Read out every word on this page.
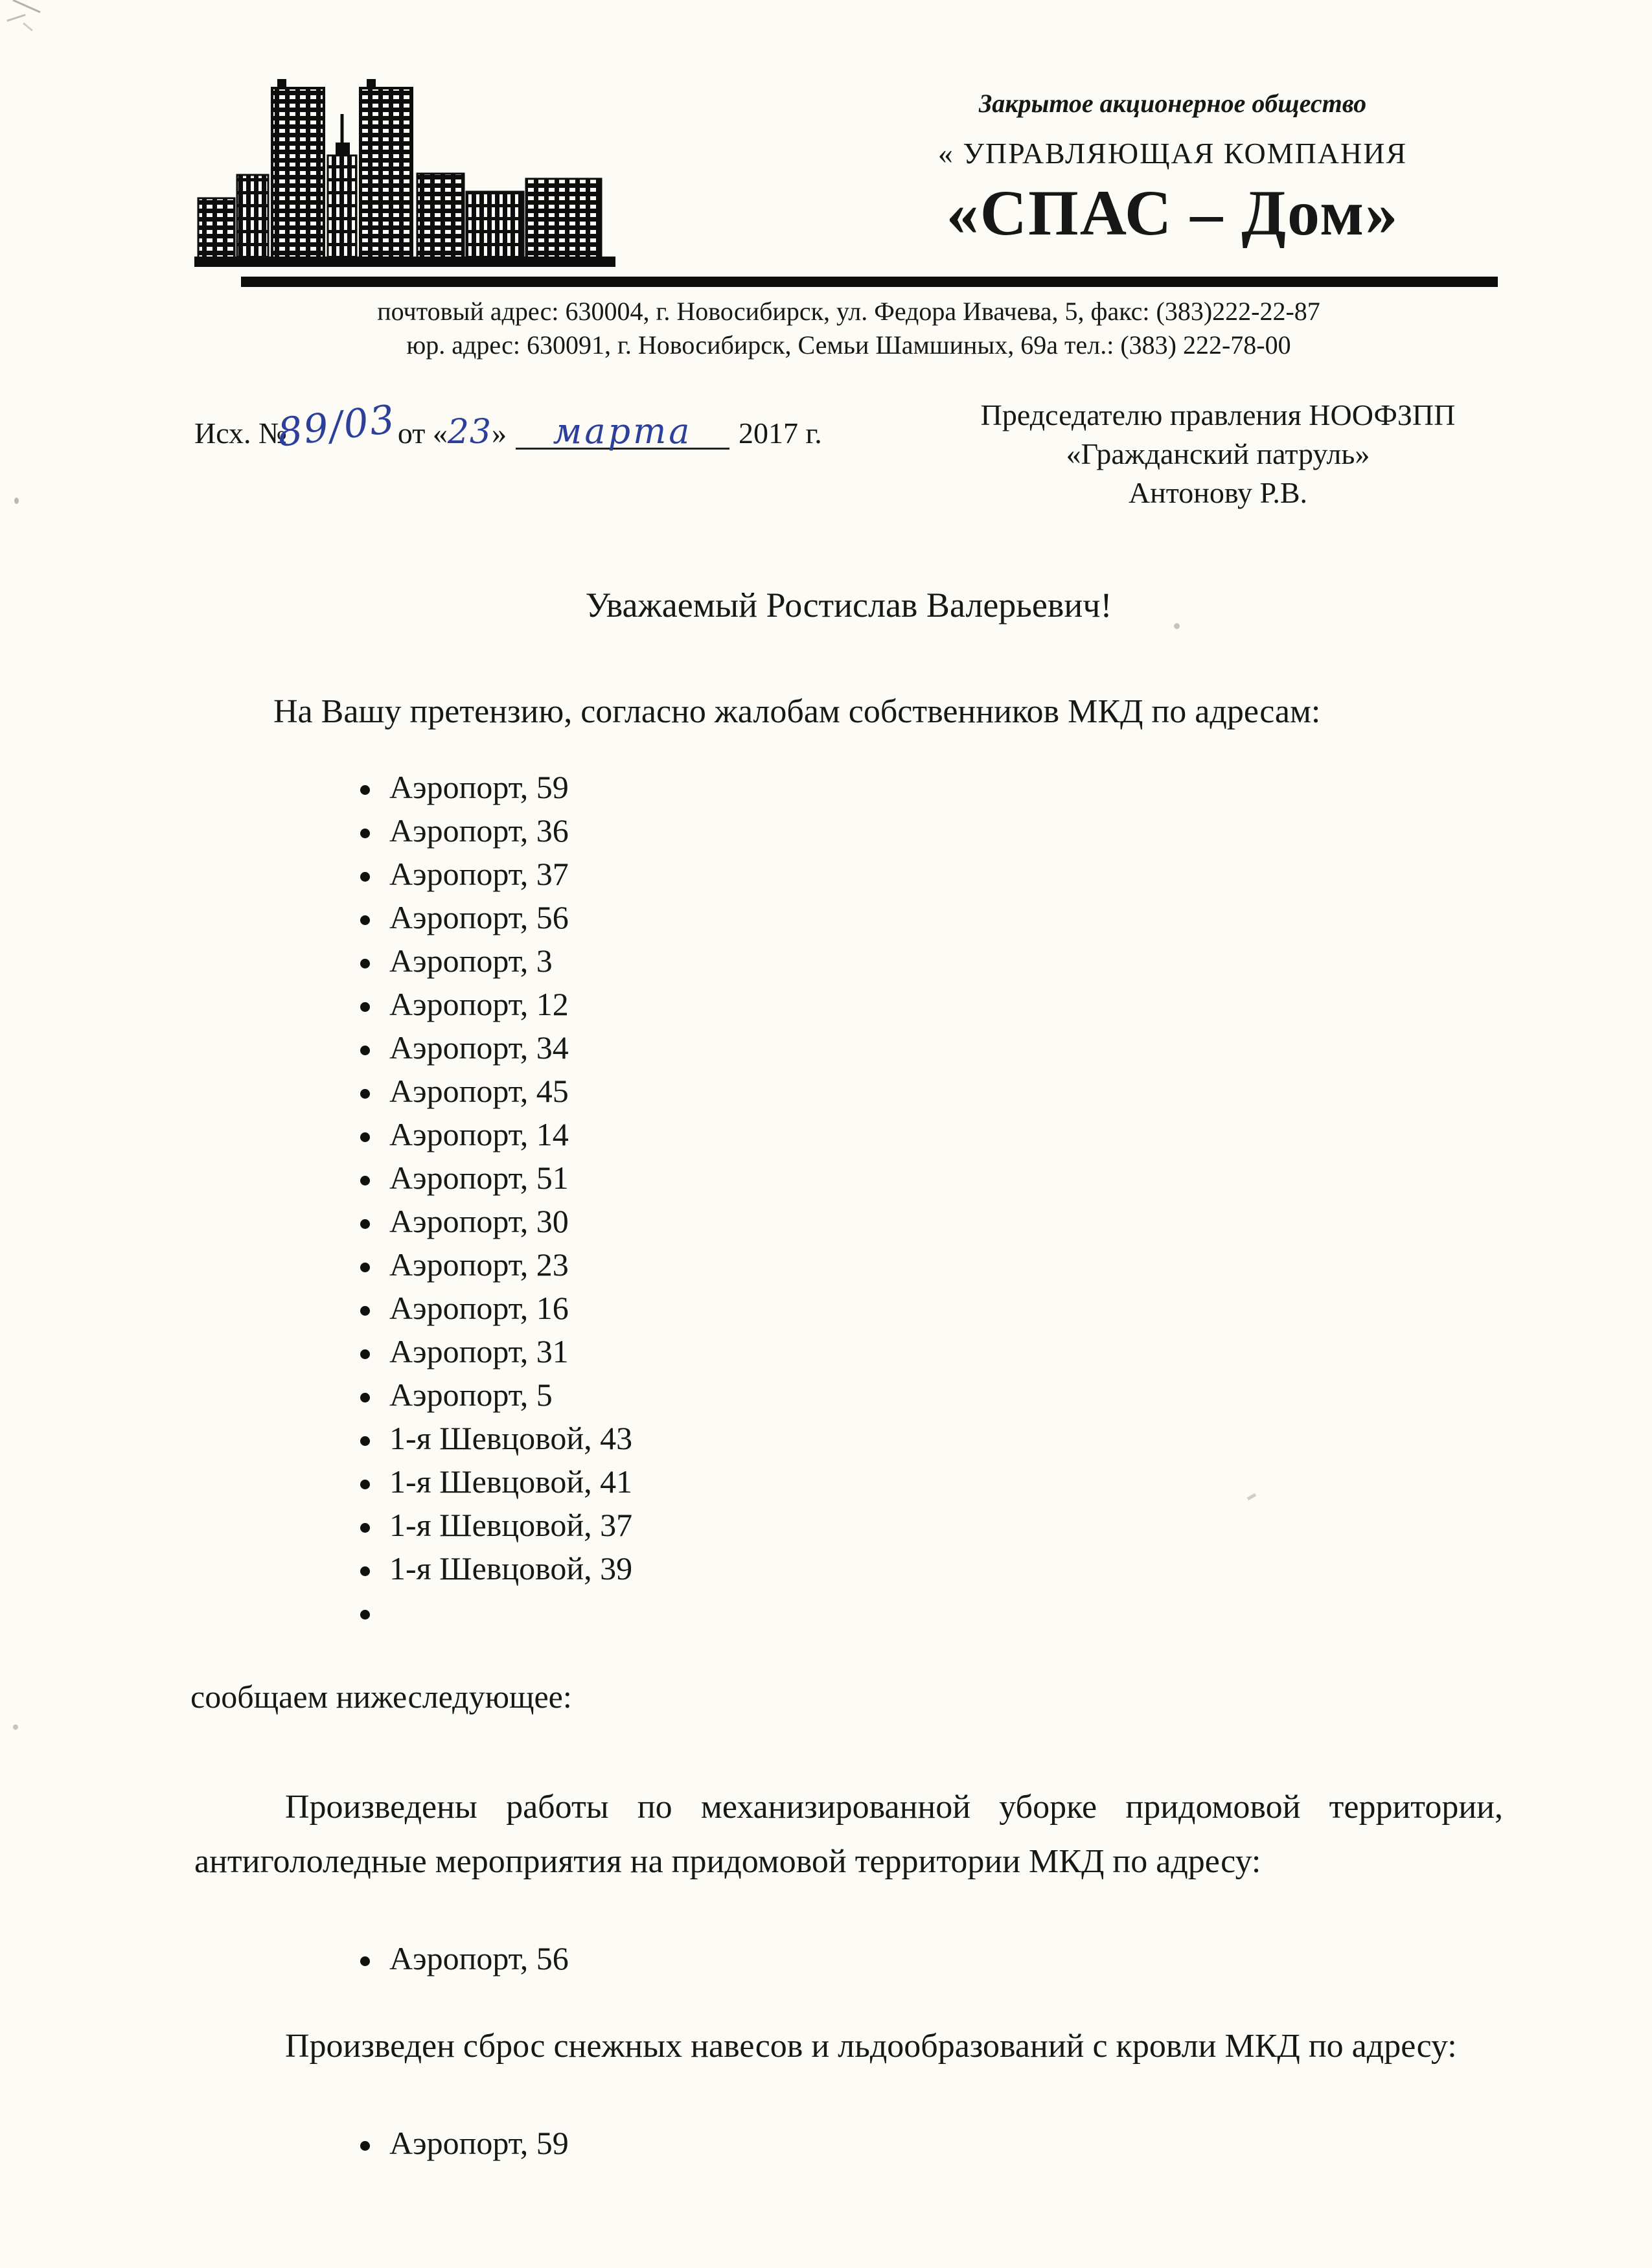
Закрытое акционерное общество
« УПРАВЛЯЮЩАЯ КОМПАНИЯ
«СПАС – Дом»
почтовый адрес: 630004, г. Новосибирск, ул. Федора Ивачева, 5, факс: (383)222-22-87
юр. адрес: 630091, г. Новосибирск, Семьи Шамшиных, 69а тел.: (383) 222-78-00
Исх. №89/03от «23» марта 2017 г.
Председателю правления НООФЗПП
«Гражданский патруль»
Антонову Р.В.
Уважаемый Ростислав Валерьевич!
На Вашу претензию, согласно жалобам собственников МКД по адресам:
Аэропорт, 59
Аэропорт, 36
Аэропорт, 37
Аэропорт, 56
Аэропорт, 3
Аэропорт, 12
Аэропорт, 34
Аэропорт, 45
Аэропорт, 14
Аэропорт, 51
Аэропорт, 30
Аэропорт, 23
Аэропорт, 16
Аэропорт, 31
Аэропорт, 5
1-я Шевцовой, 43
1-я Шевцовой, 41
1-я Шевцовой, 37
1-я Шевцовой, 39
сообщаем нижеследующее:
Произведены работы по механизированной уборке придомовой территории, антигололедные мероприятия на придомовой территории МКД по адресу:
Аэропорт, 56
Произведен сброс снежных навесов и льдообразований с кровли МКД по адресу:
Аэропорт, 59
